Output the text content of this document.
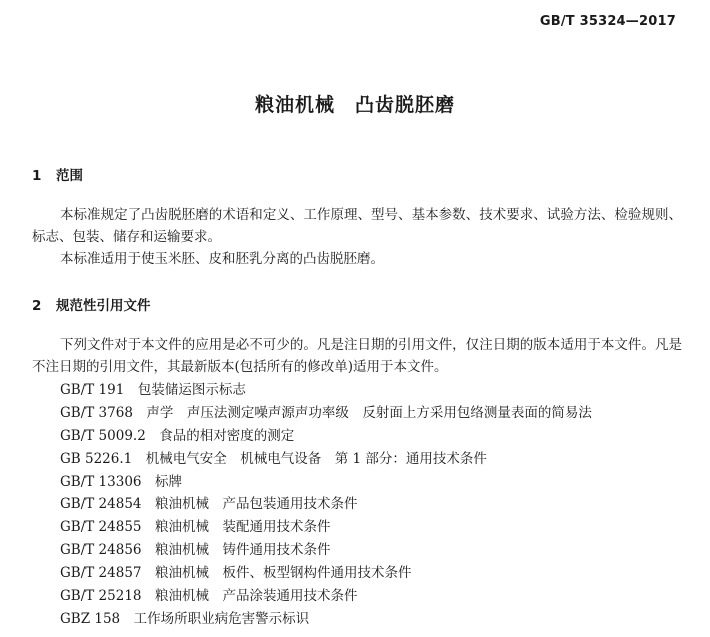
GB/T 35324—2017
粮油机械　凸齿脱胚磨
1 范围
本标准规定了凸齿脱胚磨的术语和定义、工作原理、型号、基本参数、技术要求、试验方法、检验规则、标志、包装、储存和运输要求。
本标准适用于使玉米胚、皮和胚乳分离的凸齿脱胚磨。
2 规范性引用文件
下列文件对于本文件的应用是必不可少的。凡是注日期的引用文件，仅注日期的版本适用于本文件。凡是不注日期的引用文件，其最新版本(包括所有的修改单)适用于本文件。
GB/T 191　 包装储运图示标志
GB/T 3768　 声学　声压法测定噪声源声功率级　反射面上方采用包络测量表面的简易法
GB/T 5009.2　 食品的相对密度的测定
GB 5226.1　 机械电气安全　机械电气设备　第 1 部分：通用技术条件
GB/T 13306　 标牌
GB/T 24854　 粮油机械　产品包装通用技术条件
GB/T 24855　 粮油机械　装配通用技术条件
GB/T 24856　 粮油机械　铸件通用技术条件
GB/T 24857　 粮油机械　板件、板型钢构件通用技术条件
GB/T 25218　 粮油机械　产品涂装通用技术条件
GBZ 158　 工作场所职业病危害警示标识
